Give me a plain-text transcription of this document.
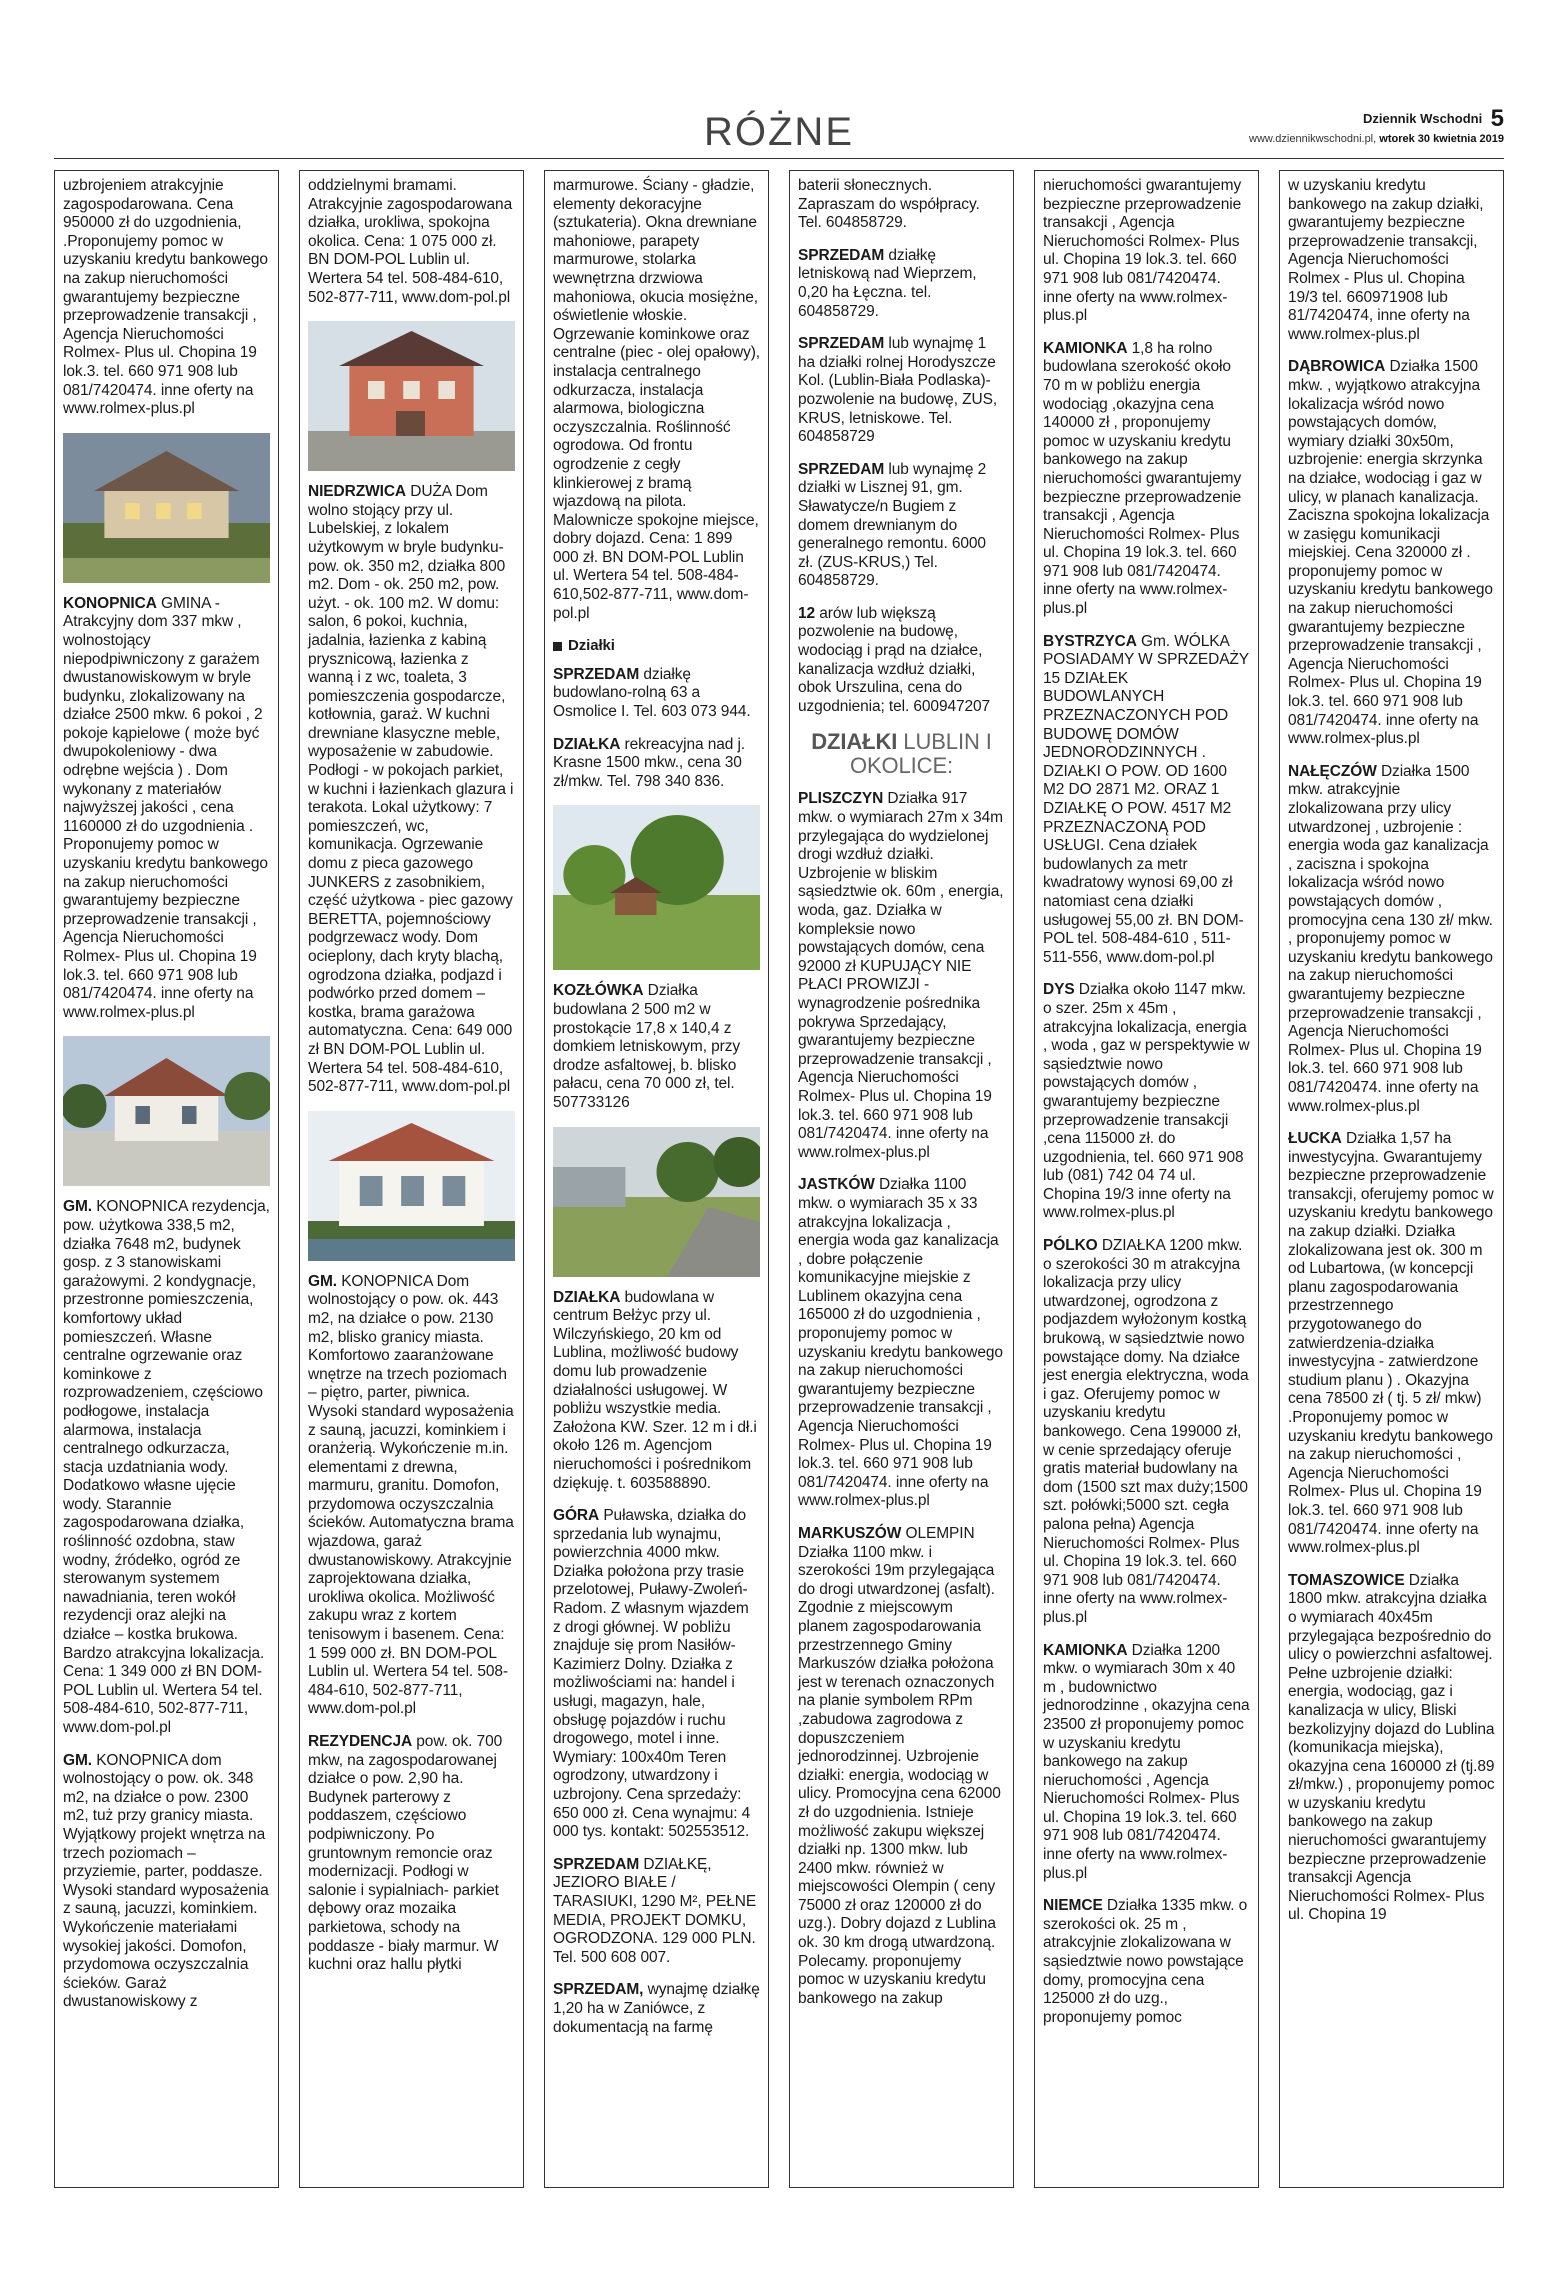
RÓŻNE	Dziennik Wschodni 5
www.dziennikwschodni.pl, wtorek 30 kwietnia 2019

uzbrojeniem atrakcyjnie zagospodarowana. Cena 950000 zł do uzgodnienia, .Proponujemy pomoc w uzyskaniu kredytu bankowego na zakup nieruchomości gwarantujemy bezpieczne przeprowadzenie transakcji , Agencja Nieruchomości Rolmex- Plus ul. Chopina 19 lok.3. tel. 660 971 908 lub 081/7420474. inne oferty na www.rolmex-plus.pl

KONOPNICA GMINA - Atrakcyjny dom 337 mkw , wolnostojący niepodpiwniczony z garażem dwustanowiskowym w bryle budynku, zlokalizowany na działce 2500 mkw. 6 pokoi , 2 pokoje kąpielowe ( może być dwupokoleniowy - dwa odrębne wejścia ) . Dom wykonany z materiałów najwyższej jakości , cena 1160000 zł do uzgodnienia . Proponujemy pomoc w uzyskaniu kredytu bankowego na zakup nieruchomości gwarantujemy bezpieczne przeprowadzenie transakcji , Agencja Nieruchomości Rolmex- Plus ul. Chopina 19 lok.3. tel. 660 971 908 lub 081/7420474. inne oferty na www.rolmex-plus.pl

GM. KONOPNICA rezydencja, pow. użytkowa 338,5 m2, działka 7648 m2, budynek gosp. z 3 stanowiskami garażowymi. 2 kondygnacje, przestronne pomieszczenia, komfortowy układ pomieszczeń. Własne centralne ogrzewanie oraz kominkowe z rozprowadzeniem, częściowo podłogowe, instalacja alarmowa, instalacja centralnego odkurzacza, stacja uzdatniania wody. Dodatkowo własne ujęcie wody. Starannie zagospodarowana działka, roślinność ozdobna, staw wodny, źródełko, ogród ze sterowanym systemem nawadniania, teren wokół rezydencji oraz alejki na działce – kostka brukowa. Bardzo atrakcyjna lokalizacja. Cena: 1 349 000 zł BN DOM-POL Lublin ul. Wertera 54 tel. 508-484-610, 502-877-711, www.dom-pol.pl

GM. KONOPNICA dom wolnostojący o pow. ok. 348 m2, na działce o pow. 2300 m2, tuż przy granicy miasta. Wyjątkowy projekt wnętrza na trzech poziomach – przyziemie, parter, poddasze. Wysoki standard wyposażenia z sauną, jacuzzi, kominkiem. Wykończenie materiałami wysokiej jakości. Domofon, przydomowa oczyszczalnia ścieków. Garaż dwustanowiskowy z

oddzielnymi bramami. Atrakcyjnie zagospodarowana działka, urokliwa, spokojna okolica. Cena: 1 075 000 zł. BN DOM-POL Lublin ul. Wertera 54 tel. 508-484-610, 502-877-711, www.dom-pol.pl

NIEDRZWICA DUŻA Dom wolno stojący przy ul. Lubelskiej, z lokalem użytkowym w bryle budynku- pow. ok. 350 m2, działka 800 m2. Dom - ok. 250 m2, pow. użyt. - ok. 100 m2. W domu: salon, 6 pokoi, kuchnia, jadalnia, łazienka z kabiną prysznicową, łazienka z wanną i z wc, toaleta, 3 pomieszczenia gospodarcze, kotłownia, garaż. W kuchni drewniane klasyczne meble, wyposażenie w zabudowie. Podłogi - w pokojach parkiet, w kuchni i łazienkach glazura i terakota. Lokal użytkowy: 7 pomieszczeń, wc, komunikacja. Ogrzewanie domu z pieca gazowego JUNKERS z zasobnikiem, część użytkowa - piec gazowy BERETTA, pojemnościowy podgrzewacz wody. Dom ocieplony, dach kryty blachą, ogrodzona działka, podjazd i podwórko przed domem – kostka, brama garażowa automatyczna. Cena: 649 000 zł BN DOM-POL Lublin ul. Wertera 54 tel. 508-484-610, 502-877-711, www.dom-pol.pl

GM. KONOPNICA Dom wolnostojący o pow. ok. 443 m2, na działce o pow. 2130 m2, blisko granicy miasta. Komfortowo zaaranżowane wnętrze na trzech poziomach – piętro, parter, piwnica. Wysoki standard wyposażenia z sauną, jacuzzi, kominkiem i oranżerią. Wykończenie m.in. elementami z drewna, marmuru, granitu. Domofon, przydomowa oczyszczalnia ścieków. Automatyczna brama wjazdowa, garaż dwustanowiskowy. Atrakcyjnie zaprojektowana działka, urokliwa okolica. Możliwość zakupu wraz z kortem tenisowym i basenem. Cena: 1 599 000 zł. BN DOM-POL Lublin ul. Wertera 54 tel. 508-484-610, 502-877-711, www.dom-pol.pl

REZYDENCJA pow. ok. 700 mkw, na zagospodarowanej działce o pow. 2,90 ha. Budynek parterowy z poddaszem, częściowo podpiwniczony. Po gruntownym remoncie oraz modernizacji. Podłogi w salonie i sypialniach- parkiet dębowy oraz mozaika parkietowa, schody na poddasze - biały marmur. W kuchni oraz hallu płytki

marmurowe. Ściany - gładzie, elementy dekoracyjne (sztukateria). Okna drewniane mahoniowe, parapety marmurowe, stolarka wewnętrzna drzwiowa mahoniowa, okucia mosiężne, oświetlenie włoskie. Ogrzewanie kominkowe oraz centralne (piec - olej opałowy), instalacja centralnego odkurzacza, instalacja alarmowa, biologiczna oczyszczalnia. Roślinność ogrodowa. Od frontu ogrodzenie z cegły klinkierowej z bramą wjazdową na pilota. Malownicze spokojne miejsce, dobry dojazd. Cena: 1 899 000 zł. BN DOM-POL Lublin ul. Wertera 54 tel. 508-484-610,502-877-711, www.dom-pol.pl

Działki

SPRZEDAM działkę budowlano-rolną 63 a Osmolice I. Tel. 603 073 944.

DZIAŁKA rekreacyjna nad j. Krasne 1500 mkw., cena 30 zł/mkw. Tel. 798 340 836.

KOZŁÓWKA Działka budowlana 2 500 m2 w prostokącie 17,8 x 140,4 z domkiem letniskowym, przy drodze asfaltowej, b. blisko pałacu, cena 70 000 zł, tel. 507733126

DZIAŁKA budowlana w centrum Bełżyc przy ul. Wilczyńskiego, 20 km od Lublina, możliwość budowy domu lub prowadzenie działalności usługowej. W pobliżu wszystkie media. Założona KW. Szer. 12 m i dł.i około 126 m. Agencjom nieruchomości i pośrednikom dziękuję. t. 603588890.

GÓRA Puławska, działka do sprzedania lub wynajmu, powierzchnia 4000 mkw. Działka położona przy trasie przelotowej, Puławy-Zwoleń-Radom. Z własnym wjazdem z drogi głównej. W pobliżu znajduje się prom Nasiłów-Kazimierz Dolny. Działka z możliwościami na: handel i usługi, magazyn, hale, obsługę pojazdów i ruchu drogowego, motel i inne. Wymiary: 100x40m Teren ogrodzony, utwardzony i uzbrojony. Cena sprzedaży: 650 000 zł. Cena wynajmu: 4 000 tys. kontakt: 502553512.

SPRZEDAM DZIAŁKĘ, JEZIORO BIAŁE / TARASIUKI, 1290 M², PEŁNE MEDIA, PROJEKT DOMKU, OGRODZONA. 129 000 PLN. Tel. 500 608 007.

SPRZEDAM, wynajmę działkę 1,20 ha w Zaniówce, z dokumentacją na farmę

baterii słonecznych. Zapraszam do współpracy. Tel. 604858729.

SPRZEDAM działkę letniskową nad Wieprzem, 0,20 ha Łęczna. tel. 604858729.

SPRZEDAM lub wynajmę 1 ha działki rolnej Horodyszcze Kol. (Lublin-Biała Podlaska)-pozwolenie na budowę, ZUS, KRUS, letniskowe. Tel. 604858729

SPRZEDAM lub wynajmę 2 działki w Lisznej 91, gm. Sławatycze/n Bugiem z domem drewnianym do generalnego remontu. 6000 zł. (ZUS-KRUS,) Tel. 604858729.

12 arów lub większą pozwolenie na budowę, wodociąg i prąd na działce, kanalizacja wzdłuż działki, obok Urszulina, cena do uzgodnienia; tel. 600947207

DZIAŁKI LUBLIN I OKOLICE:

PLISZCZYN Działka 917 mkw. o wymiarach 27m x 34m przylegająca do wydzielonej drogi wzdłuż działki. Uzbrojenie w bliskim sąsiedztwie ok. 60m , energia, woda, gaz. Działka w kompleksie nowo powstających domów, cena 92000 zł KUPUJĄCY NIE PŁACI PROWIZJI -wynagrodzenie pośrednika pokrywa Sprzedający, gwarantujemy bezpieczne przeprowadzenie transakcji , Agencja Nieruchomości Rolmex- Plus ul. Chopina 19 lok.3. tel. 660 971 908 lub 081/7420474. inne oferty na www.rolmex-plus.pl

JASTKÓW Działka 1100 mkw. o wymiarach 35 x 33 atrakcyjna lokalizacja , energia woda gaz kanalizacja , dobre połączenie komunikacyjne miejskie z Lublinem okazyjna cena 165000 zł do uzgodnienia , proponujemy pomoc w uzyskaniu kredytu bankowego na zakup nieruchomości gwarantujemy bezpieczne przeprowadzenie transakcji , Agencja Nieruchomości Rolmex- Plus ul. Chopina 19 lok.3. tel. 660 971 908 lub 081/7420474. inne oferty na www.rolmex-plus.pl

MARKUSZÓW OLEMPIN Działka 1100 mkw. i szerokości 19m przylegająca do drogi utwardzonej (asfalt). Zgodnie z miejscowym planem zagospodarowania przestrzennego Gminy Markuszów działka położona jest w terenach oznaczonych na planie symbolem RPm ,zabudowa zagrodowa z dopuszczeniem jednorodzinnej. Uzbrojenie działki: energia, wodociąg w ulicy. Promocyjna cena 62000 zł do uzgodnienia. Istnieje możliwość zakupu większej działki np. 1300 mkw. lub 2400 mkw. również w miejscowości Olempin ( ceny 75000 zł oraz 120000 zł do uzg.). Dobry dojazd z Lublina ok. 30 km drogą utwardzoną. Polecamy. proponujemy pomoc w uzyskaniu kredytu bankowego na zakup

nieruchomości gwarantujemy bezpieczne przeprowadzenie transakcji , Agencja Nieruchomości Rolmex- Plus ul. Chopina 19 lok.3. tel. 660 971 908 lub 081/7420474. inne oferty na www.rolmex-plus.pl

KAMIONKA 1,8 ha rolno budowlana szerokość około 70 m w pobliżu energia wodociąg ,okazyjna cena 140000 zł , proponujemy pomoc w uzyskaniu kredytu bankowego na zakup nieruchomości gwarantujemy bezpieczne przeprowadzenie transakcji , Agencja Nieruchomości Rolmex- Plus ul. Chopina 19 lok.3. tel. 660 971 908 lub 081/7420474. inne oferty na www.rolmex-plus.pl

BYSTRZYCA Gm. WÓLKA POSIADAMY W SPRZEDAŻY 15 DZIAŁEK BUDOWLANYCH PRZEZNACZONYCH POD BUDOWĘ DOMÓW JEDNORODZINNYCH . DZIAŁKI O POW. OD 1600 M2 DO 2871 M2. ORAZ 1 DZIAŁKĘ O POW. 4517 M2 PRZEZNACZONĄ POD USŁUGI. Cena działek budowlanych za metr kwadratowy wynosi 69,00 zł natomiast cena działki usługowej 55,00 zł. BN DOM-POL tel. 508-484-610 , 511-511-556, www.dom-pol.pl

DYS Działka około 1147 mkw. o szer. 25m x 45m , atrakcyjna lokalizacja, energia , woda , gaz w perspektywie w sąsiedztwie nowo powstających domów , gwarantujemy bezpieczne przeprowadzenie transakcji ,cena 115000 zł. do uzgodnienia, tel. 660 971 908 lub (081) 742 04 74 ul. Chopina 19/3 inne oferty na www.rolmex-plus.pl

PÓLKO DZIAŁKA 1200 mkw. o szerokości 30 m atrakcyjna lokalizacja przy ulicy utwardzonej, ogrodzona z podjazdem wyłożonym kostką brukową, w sąsiedztwie nowo powstające domy. Na działce jest energia elektryczna, woda i gaz. Oferujemy pomoc w uzyskaniu kredytu bankowego. Cena 199000 zł, w cenie sprzedający oferuje gratis materiał budowlany na dom (1500 szt max duży;1500 szt. połówki;5000 szt. cegła palona pełna) Agencja Nieruchomości Rolmex- Plus ul. Chopina 19 lok.3. tel. 660 971 908 lub 081/7420474. inne oferty na www.rolmex-plus.pl

KAMIONKA Działka 1200 mkw. o wymiarach 30m x 40 m , budownictwo jednorodzinne , okazyjna cena 23500 zł proponujemy pomoc w uzyskaniu kredytu bankowego na zakup nieruchomości , Agencja Nieruchomości Rolmex- Plus ul. Chopina 19 lok.3. tel. 660 971 908 lub 081/7420474. inne oferty na www.rolmex-plus.pl

NIEMCE Działka 1335 mkw. o szerokości ok. 25 m , atrakcyjnie zlokalizowana w sąsiedztwie nowo powstające domy, promocyjna cena 125000 zł do uzg., proponujemy pomoc

w uzyskaniu kredytu bankowego na zakup działki, gwarantujemy bezpieczne przeprowadzenie transakcji, Agencja Nieruchomości Rolmex - Plus ul. Chopina 19/3 tel. 660971908 lub 81/7420474, inne oferty na www.rolmex-plus.pl

DĄBROWICA Działka 1500 mkw. , wyjątkowo atrakcyjna lokalizacja wśród nowo powstających domów, wymiary działki 30x50m, uzbrojenie: energia skrzynka na działce, wodociąg i gaz w ulicy, w planach kanalizacja. Zaciszna spokojna lokalizacja w zasięgu komunikacji miejskiej. Cena 320000 zł . proponujemy pomoc w uzyskaniu kredytu bankowego na zakup nieruchomości gwarantujemy bezpieczne przeprowadzenie transakcji , Agencja Nieruchomości Rolmex- Plus ul. Chopina 19 lok.3. tel. 660 971 908 lub 081/7420474. inne oferty na www.rolmex-plus.pl

NAŁĘCZÓW Działka 1500 mkw. atrakcyjnie zlokalizowana przy ulicy utwardzonej , uzbrojenie : energia woda gaz kanalizacja , zaciszna i spokojna lokalizacja wśród nowo powstających domów , promocyjna cena 130 zł/ mkw. , proponujemy pomoc w uzyskaniu kredytu bankowego na zakup nieruchomości gwarantujemy bezpieczne przeprowadzenie transakcji , Agencja Nieruchomości Rolmex- Plus ul. Chopina 19 lok.3. tel. 660 971 908 lub 081/7420474. inne oferty na www.rolmex-plus.pl

ŁUCKA Działka 1,57 ha inwestycyjna. Gwarantujemy bezpieczne przeprowadzenie transakcji, oferujemy pomoc w uzyskaniu kredytu bankowego na zakup działki. Działka zlokalizowana jest ok. 300 m od Lubartowa, (w koncepcji planu zagospodarowania przestrzennego przygotowanego do zatwierdzenia-działka inwestycyjna - zatwierdzone studium planu ) . Okazyjna cena 78500 zł ( tj. 5 zł/ mkw) .Proponujemy pomoc w uzyskaniu kredytu bankowego na zakup nieruchomości , Agencja Nieruchomości Rolmex- Plus ul. Chopina 19 lok.3. tel. 660 971 908 lub 081/7420474. inne oferty na www.rolmex-plus.pl

TOMASZOWICE Działka 1800 mkw. atrakcyjna działka o wymiarach 40x45m przylegająca bezpośrednio do ulicy o powierzchni asfaltowej. Pełne uzbrojenie działki: energia, wodociąg, gaz i kanalizacja w ulicy, Bliski bezkolizyjny dojazd do Lublina (komunikacja miejska), okazyjna cena 160000 zł (tj.89 zł/mkw.) , proponujemy pomoc w uzyskaniu kredytu bankowego na zakup nieruchomości gwarantujemy bezpieczne przeprowadzenie transakcji Agencja Nieruchomości Rolmex- Plus ul. Chopina 19
